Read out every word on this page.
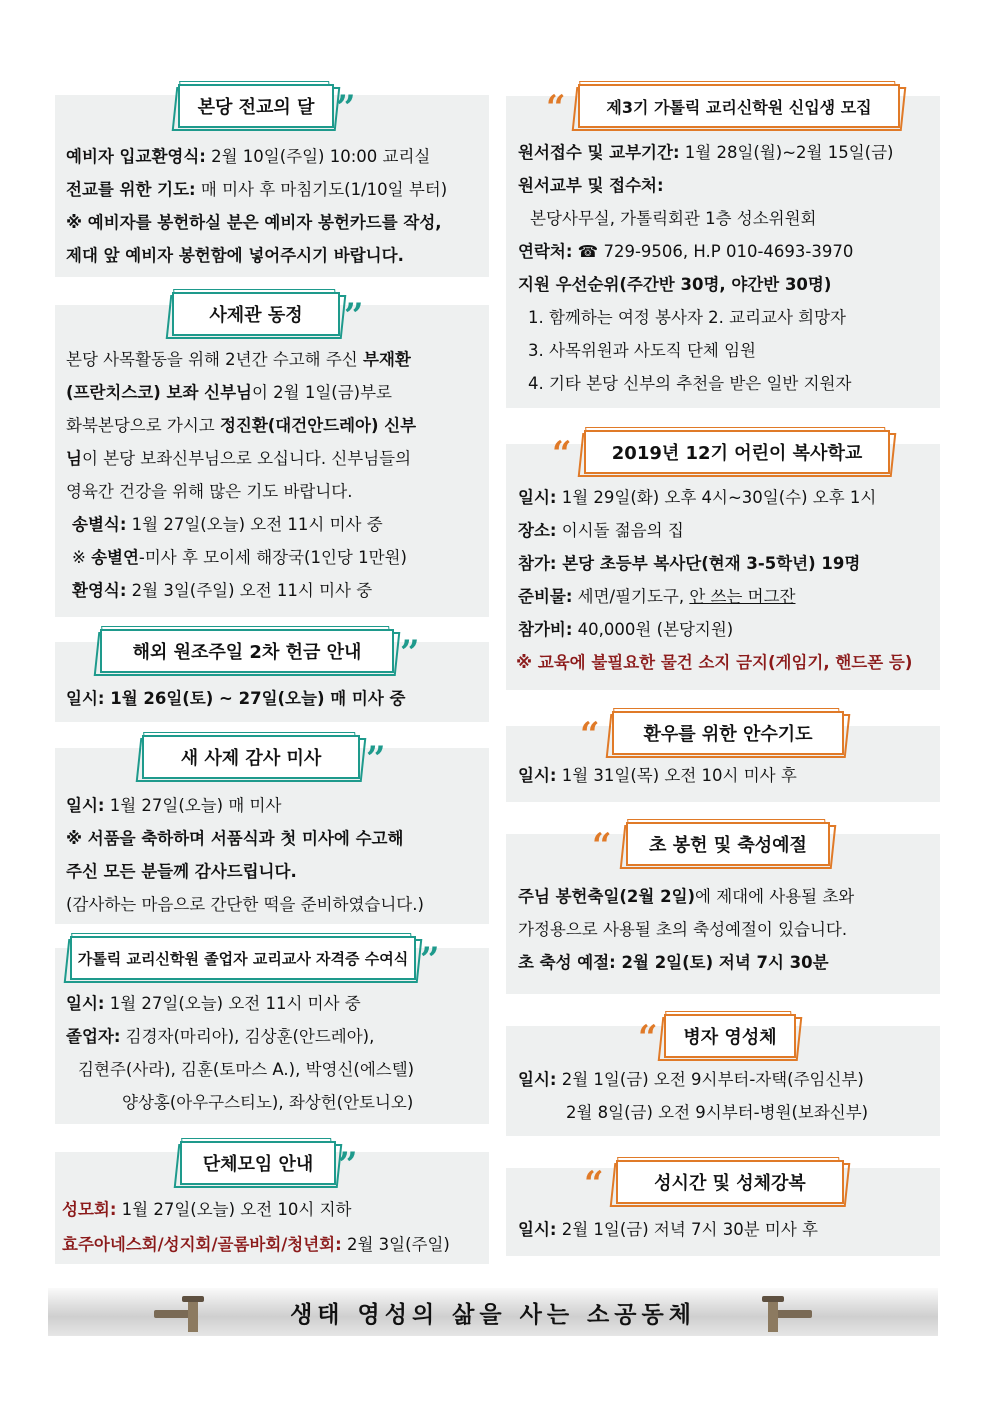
본당 전교의 달 ”
예비자 입교환영식: 2월 10일(주일) 10:00 교리실
전교를 위한 기도: 매 미사 후 마침기도(1/10일 부터)
※ 예비자를 봉헌하실 분은 예비자 봉헌카드를 작성,
제대 앞 예비자 봉헌함에 넣어주시기 바랍니다.
사제관 동정	”
본당 사목활동을 위해 2년간 수고해 주신 부재환
(프란치스코) 보좌 신부님이 2월 1일(금)부로
화북본당으로 가시고 정진환(대건안드레아) 신부
님이 본당 보좌신부님으로 오십니다. 신부님들의
영육간 건강을 위해 많은 기도 바랍니다.
송별식: 1월 27일(오늘) 오전 11시 미사 중
※ 송별연-미사 후 모이세 해장국(1인당 1만원)
환영식: 2월 3일(주일) 오전 11시 미사 중
해외 원조주일 2차 헌금 안내	”
일시: 1월 26일(토) ~ 27일(오늘) 매 미사 중
새 사제 감사 미사	”
일시: 1월 27일(오늘) 매 미사
※ 서품을 축하하며 서품식과 첫 미사에 수고해
주신 모든 분들께 감사드립니다.
(감사하는 마음으로 간단한 떡을 준비하였습니다.)
가톨릭 교리신학원 졸업자 교리교사 자격증 수여식 ”
일시: 1월 27일(오늘) 오전 11시 미사 중
졸업자: 김경자(마리아), 김상훈(안드레아),
김현주(사라), 김훈(토마스 A.), 박영신(에스텔)
양상홍(아우구스티노), 좌상헌(안토니오)
단체모임 안내 ”
성모회: 1월 27일(오늘) 오전 10시 지하
효주아네스회/성지회/골롬바회/청년회: 2월 3일(주일)
제3기 가톨릭 교리신학원 신입생 모집
“
원서접수 및 교부기간: 1월 28일(월)~2월 15일(금)
원서교부 및 접수처:
본당사무실, 가톨릭회관 1층 성소위원회
연락처: ☎ 729-9506, H.P 010-4693-3970
지원 우선순위(주간반 30명, 야간반 30명)
1. 함께하는 여정 봉사자 2. 교리교사 희망자
3. 사목위원과 사도직 단체 임원
4. 기타 본당 신부의 추천을 받은 일반 지원자
2019년 12기 어린이 복사학교
“
일시: 1월 29일(화) 오후 4시~30일(수) 오후 1시
장소: 이시돌 젊음의 집
참가: 본당 초등부 복사단(현재 3-5학년) 19명
준비물: 세면/필기도구, 안 쓰는 머그잔
참가비: 40,000원 (본당지원)
※ 교육에 불필요한 물건 소지 금지(게임기, 핸드폰 등)
환우를 위한 안수기도
“
일시: 1월 31일(목) 오전 10시 미사 후
초 봉헌 및 축성예절
“
주님 봉헌축일(2월 2일)에 제대에 사용될 초와
가정용으로 사용될 초의 축성예절이 있습니다.
초 축성 예절: 2월 2일(토) 저녁 7시 30분
병자 영성체
“
일시: 2월 1일(금) 오전 9시부터-자택(주임신부)
2월 8일(금) 오전 9시부터-병원(보좌신부)
성시간 및 성체강복
“
일시: 2월 1일(금) 저녁 7시 30분 미사 후
생태 영성의 삶을 사는 소공동체
